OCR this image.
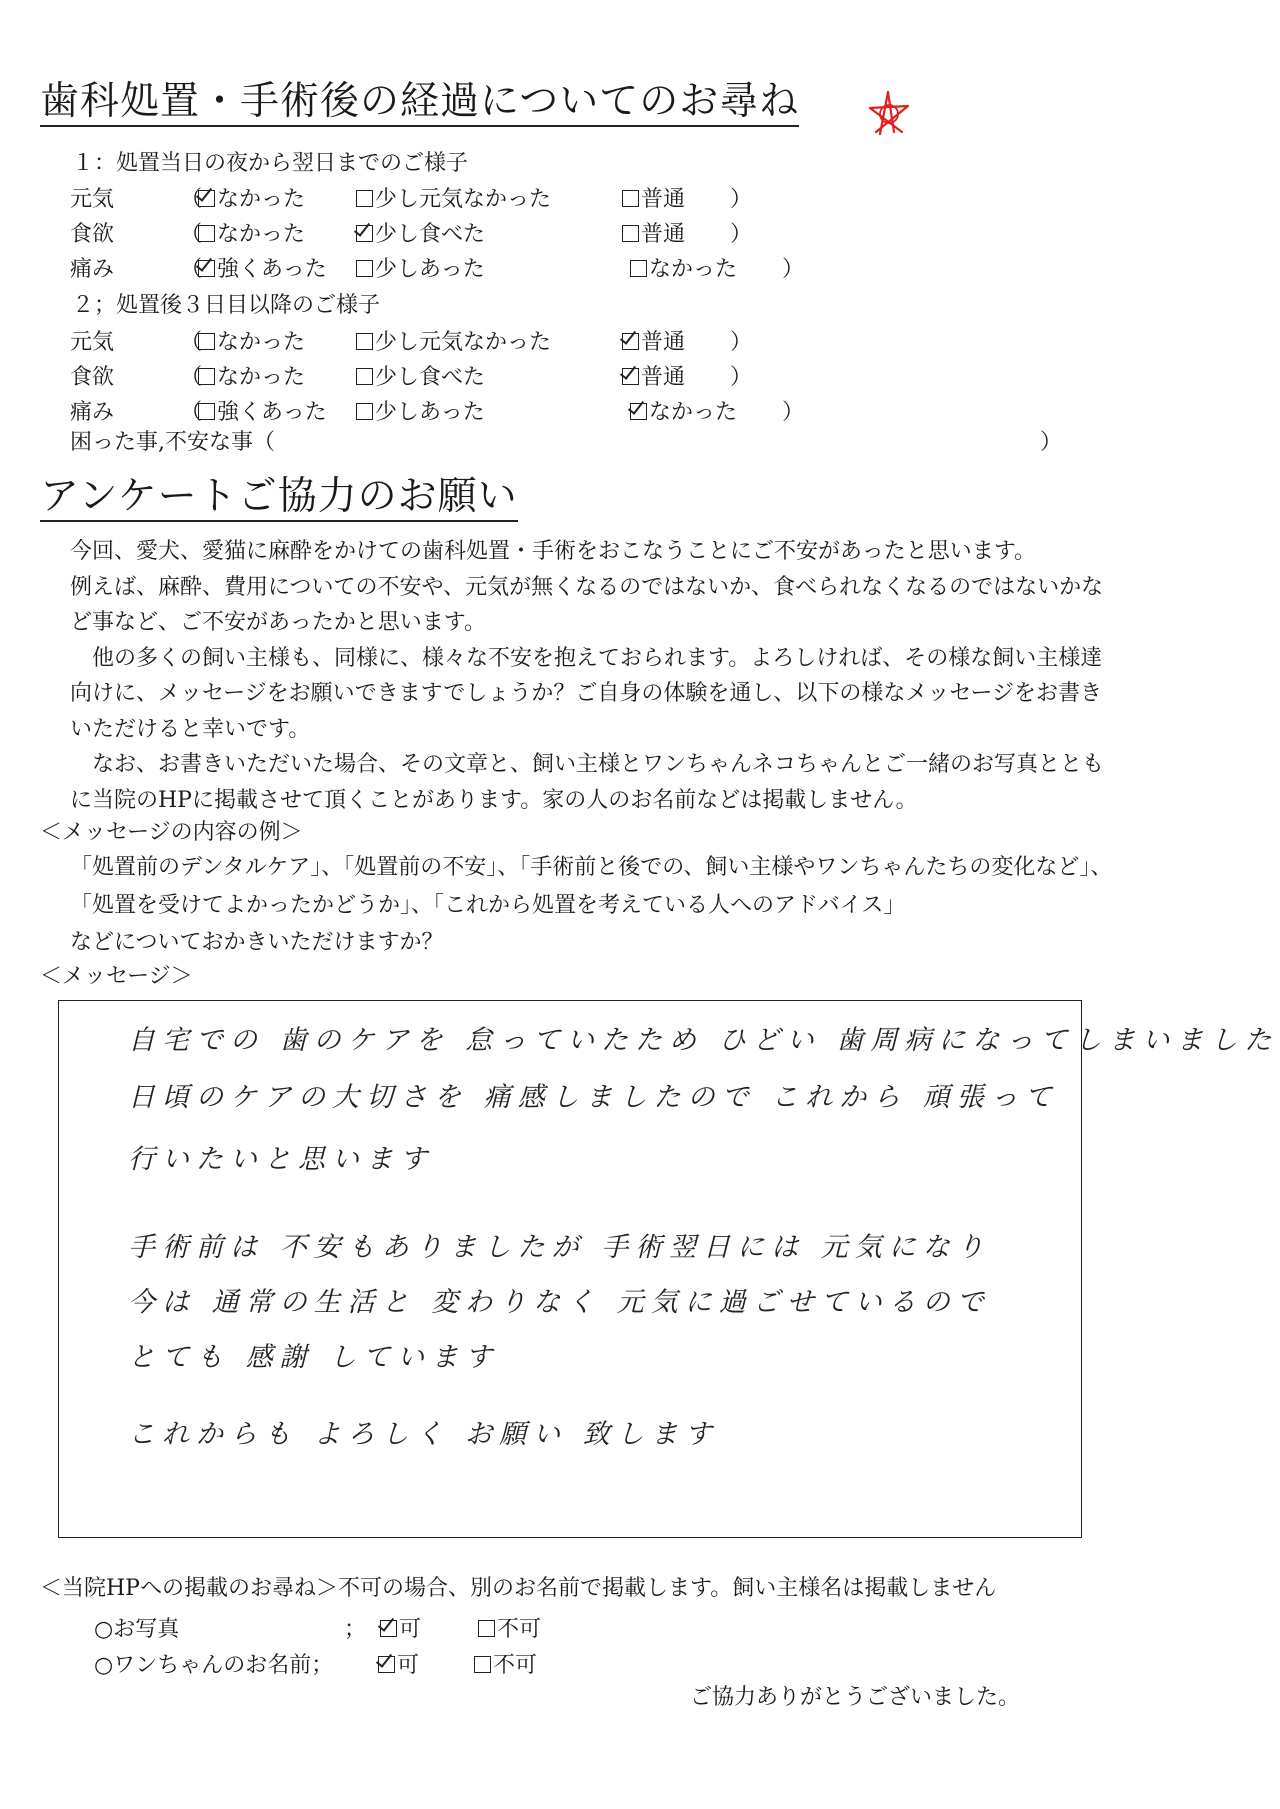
歯科処置・手術後の経過についてのお尋ね
１：処置当日の夜から翌日までのご様子
元気	（ なかった	少し元気なかった	普通 ）
食欲	（ なかった	少し食べた	普通 ）
痛み	（ 強くあった	少しあった	なかった ）
２；処置後３日目以降のご様子
元気	（ なかった	少し元気なかった	普通 ）
食欲	（ なかった	少し食べた	普通 ）
痛み	（ 強くあった	少しあった	なかった ）
困った事,不安な事（	）
アンケートご協力のお願い

今回、愛犬、愛猫に麻酔をかけての歯科処置・手術をおこなうことにご不安があったと思います。

例えば、麻酔、費用についての不安や、元気が無くなるのではないか、食べられなくなるのではないかな

ど事など、ご不安があったかと思います。

　他の多くの飼い主様も、同様に、様々な不安を抱えておられます。よろしければ、その様な飼い主様達

向けに、メッセージをお願いできますでしょうか？ご自身の体験を通し、以下の様なメッセージをお書き

いただけると幸いです。

　なお、お書きいただいた場合、その文章と、飼い主様とワンちゃんネコちゃんとご一緒のお写真ととも

に当院のHPに掲載させて頂くことがあります。家の人のお名前などは掲載しません。

＜メッセージの内容の例＞
「処置前のデンタルケア」、「処置前の不安」、「手術前と後での、飼い主様やワンちゃんたちの変化など」、
「処置を受けてよかったかどうか」、「これから処置を考えている人へのアドバイス」
などについておかきいただけますか？
＜メッセージ＞
自宅での 歯のケアを 怠っていたため ひどい 歯周病になってしまいました
日頃のケアの大切さを 痛感しましたので これから 頑張って
行いたいと思います
手術前は 不安もありましたが 手術翌日には 元気になり
今は 通常の生活と 変わりなく 元気に過ごせているので
とても 感謝 しています
これからも よろしく お願い 致します
＜当院HPへの掲載のお尋ね＞不可の場合、別のお名前で掲載します。飼い主様名は掲載しません
○お写真	；	可	不可
○ワンちゃんのお名前；	可	不可
ご協力ありがとうございました。
